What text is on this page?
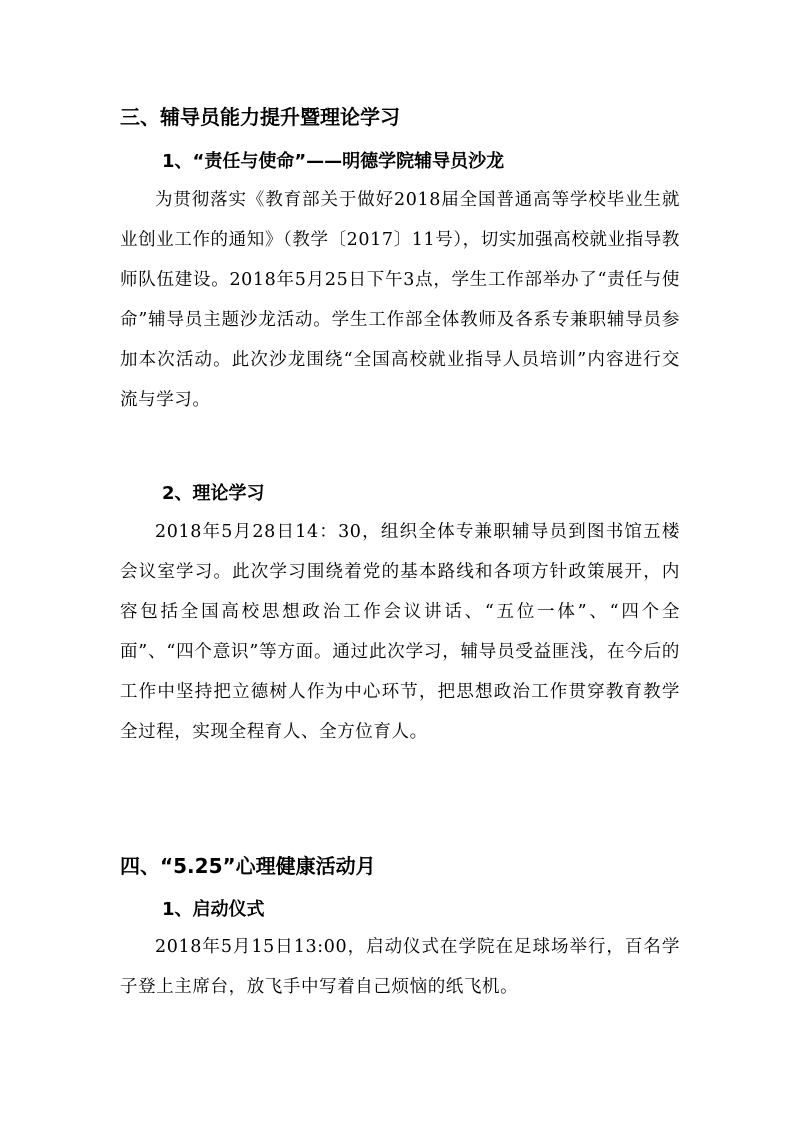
三、辅导员能力提升暨理论学习
1、“责任与使命”——明德学院辅导员沙龙

为贯彻落实《教育部关于做好2018届全国普通高等学校毕业生就业创业工作的通知》（教学〔2017〕11号），切实加强高校就业指导教师队伍建设。2018年5月25日下午3点，学生工作部举办了“责任与使命”辅导员主题沙龙活动。学生工作部全体教师及各系专兼职辅导员参加本次活动。此次沙龙围绕“全国高校就业指导人员培训”内容进行交流与学习。

2、理论学习

2018年5月28日14：30，组织全体专兼职辅导员到图书馆五楼会议室学习。此次学习围绕着党的基本路线和各项方针政策展开，内容包括全国高校思想政治工作会议讲话、“五位一体”、“四个全面”、“四个意识”等方面。通过此次学习，辅导员受益匪浅，在今后的工作中坚持把立德树人作为中心环节，把思想政治工作贯穿教育教学全过程，实现全程育人、全方位育人。

四、“5.25”心理健康活动月
1、启动仪式

2018年5月15日13:00，启动仪式在学院在足球场举行，百名学子登上主席台，放飞手中写着自己烦恼的纸飞机。
